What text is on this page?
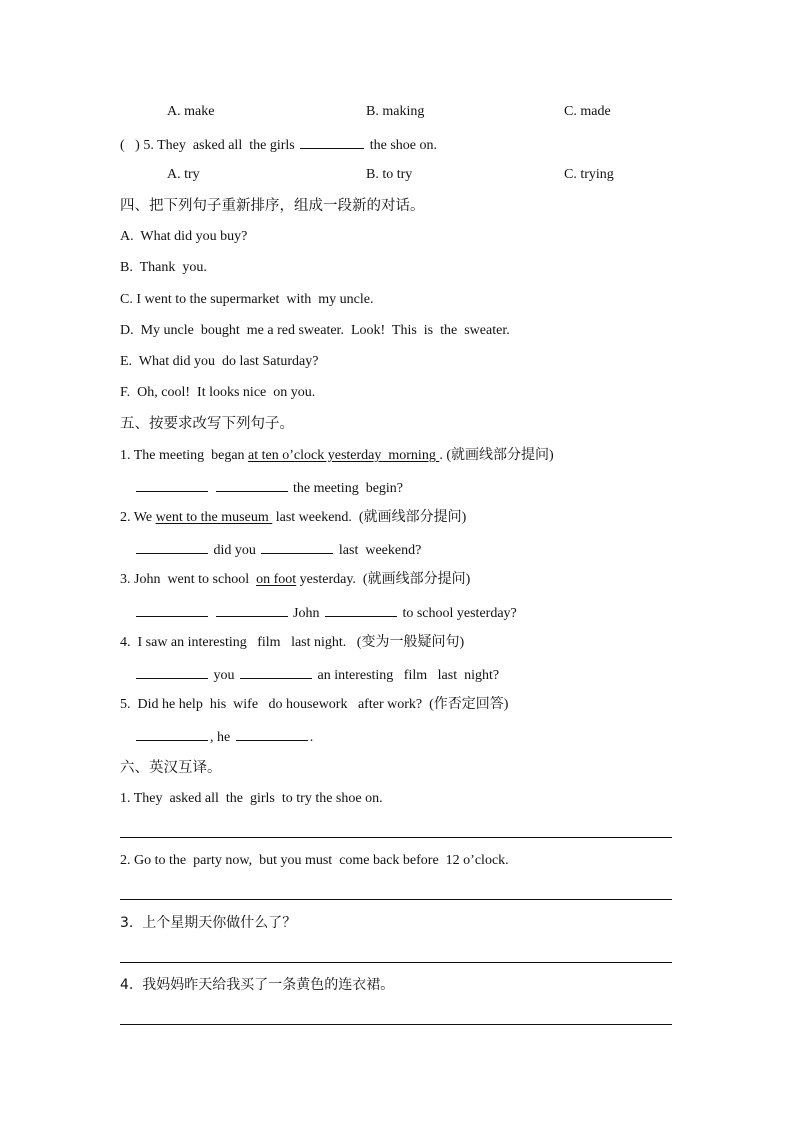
A. make	B. making	C. made
(   ) 5. They  asked all  the girls	the shoe on.
A. try	B. to try	C. trying
四、把下列句子重新排序，组成一段新的对话。
A.  What did you buy?
B.  Thank  you.
C. I went to the supermarket  with  my uncle.
D.  My uncle  bought  me a red sweater.  Look!  This  is  the  sweater.
E.  What did you  do last Saturday?
F.  Oh, cool!  It looks nice  on you.
五、按要求改写下列句子。
1. The meeting  began at ten o’clock yesterday  morning . (就画线部分提问)
the meeting  begin?
2. We went to the museum  last weekend.  (就画线部分提问)
did you	last  weekend?
3. John  went to school  on foot yesterday.  (就画线部分提问)
John	to school yesterday?
4.  I saw an interesting   film   last night.   (变为一般疑问句)
you	an interesting   film   last  night?
5.  Did he help  his  wife   do housework   after work?  (作否定回答)
, he	.
六、英汉互译。
1. They  asked all  the  girls  to try the shoe on.
2. Go to the  party now,  but you must  come back before  12 o’clock.
3.  上个星期天你做什么了？
4.  我妈妈昨天给我买了一条黄色的连衣裙。
